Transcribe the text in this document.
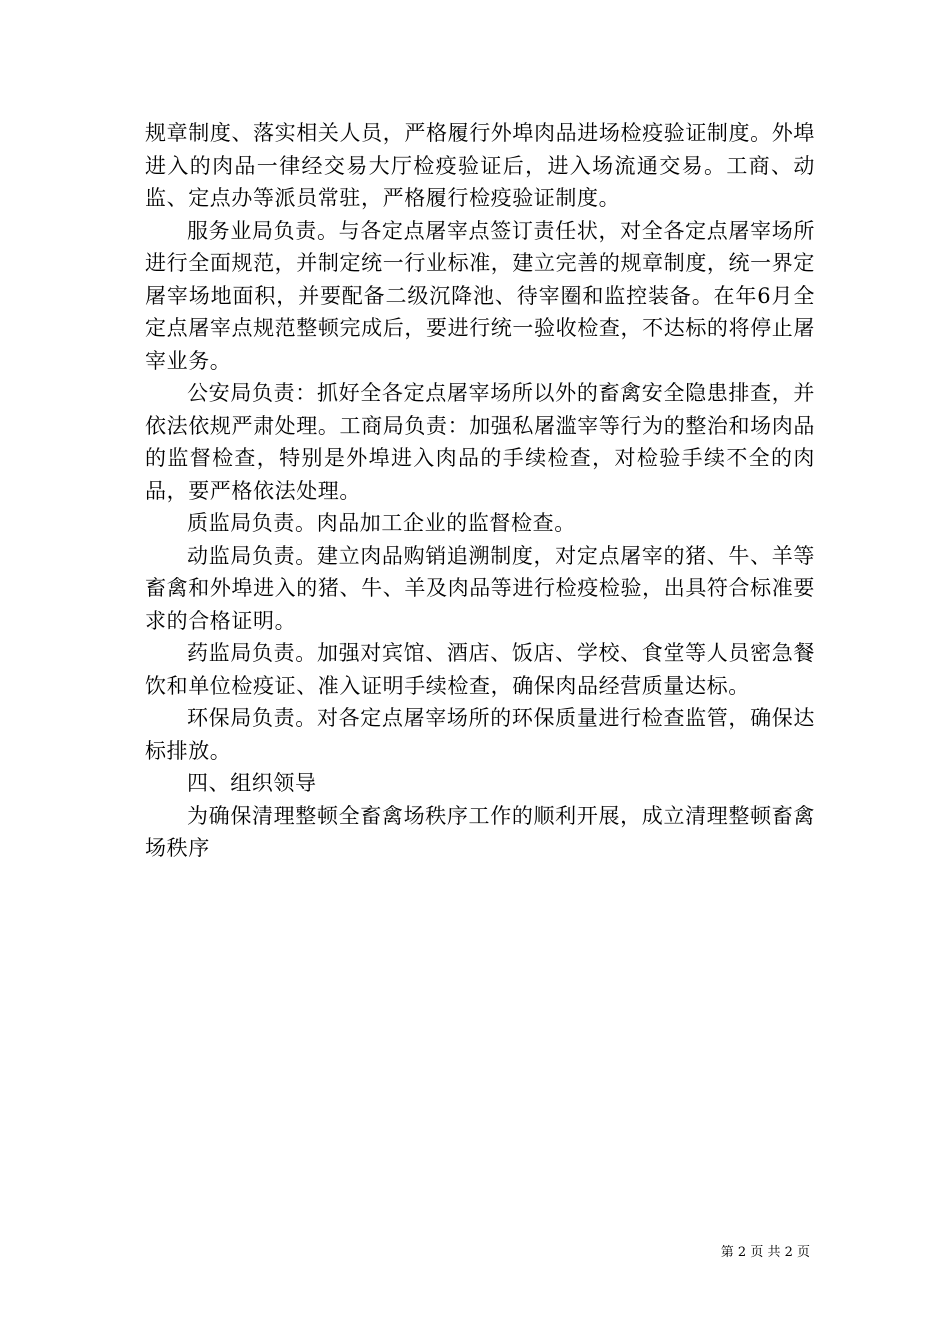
规章制度、落实相关人员，严格履行外埠肉品进场检疫验证制度。外埠进入的肉品一律经交易大厅检疫验证后，进入场流通交易。工商、动监、定点办等派员常驻，严格履行检疫验证制度。

服务业局负责。与各定点屠宰点签订责任状，对全各定点屠宰场所进行全面规范，并制定统一行业标准，建立完善的规章制度，统一界定屠宰场地面积，并要配备二级沉降池、待宰圈和监控装备。在年6月全定点屠宰点规范整顿完成后，要进行统一验收检查，不达标的将停止屠宰业务。

公安局负责：抓好全各定点屠宰场所以外的畜禽安全隐患排查，并依法依规严肃处理。工商局负责：加强私屠滥宰等行为的整治和场肉品的监督检查，特别是外埠进入肉品的手续检查，对检验手续不全的肉品，要严格依法处理。

质监局负责。肉品加工企业的监督检查。

动监局负责。建立肉品购销追溯制度，对定点屠宰的猪、牛、羊等畜禽和外埠进入的猪、牛、羊及肉品等进行检疫检验，出具符合标准要求的合格证明。

药监局负责。加强对宾馆、酒店、饭店、学校、食堂等人员密急餐饮和单位检疫证、准入证明手续检查，确保肉品经营质量达标。

环保局负责。对各定点屠宰场所的环保质量进行检查监管，确保达标排放。

四、组织领导

为确保清理整顿全畜禽场秩序工作的顺利开展，成立清理整顿畜禽场秩序

第 2 页 共 2 页
